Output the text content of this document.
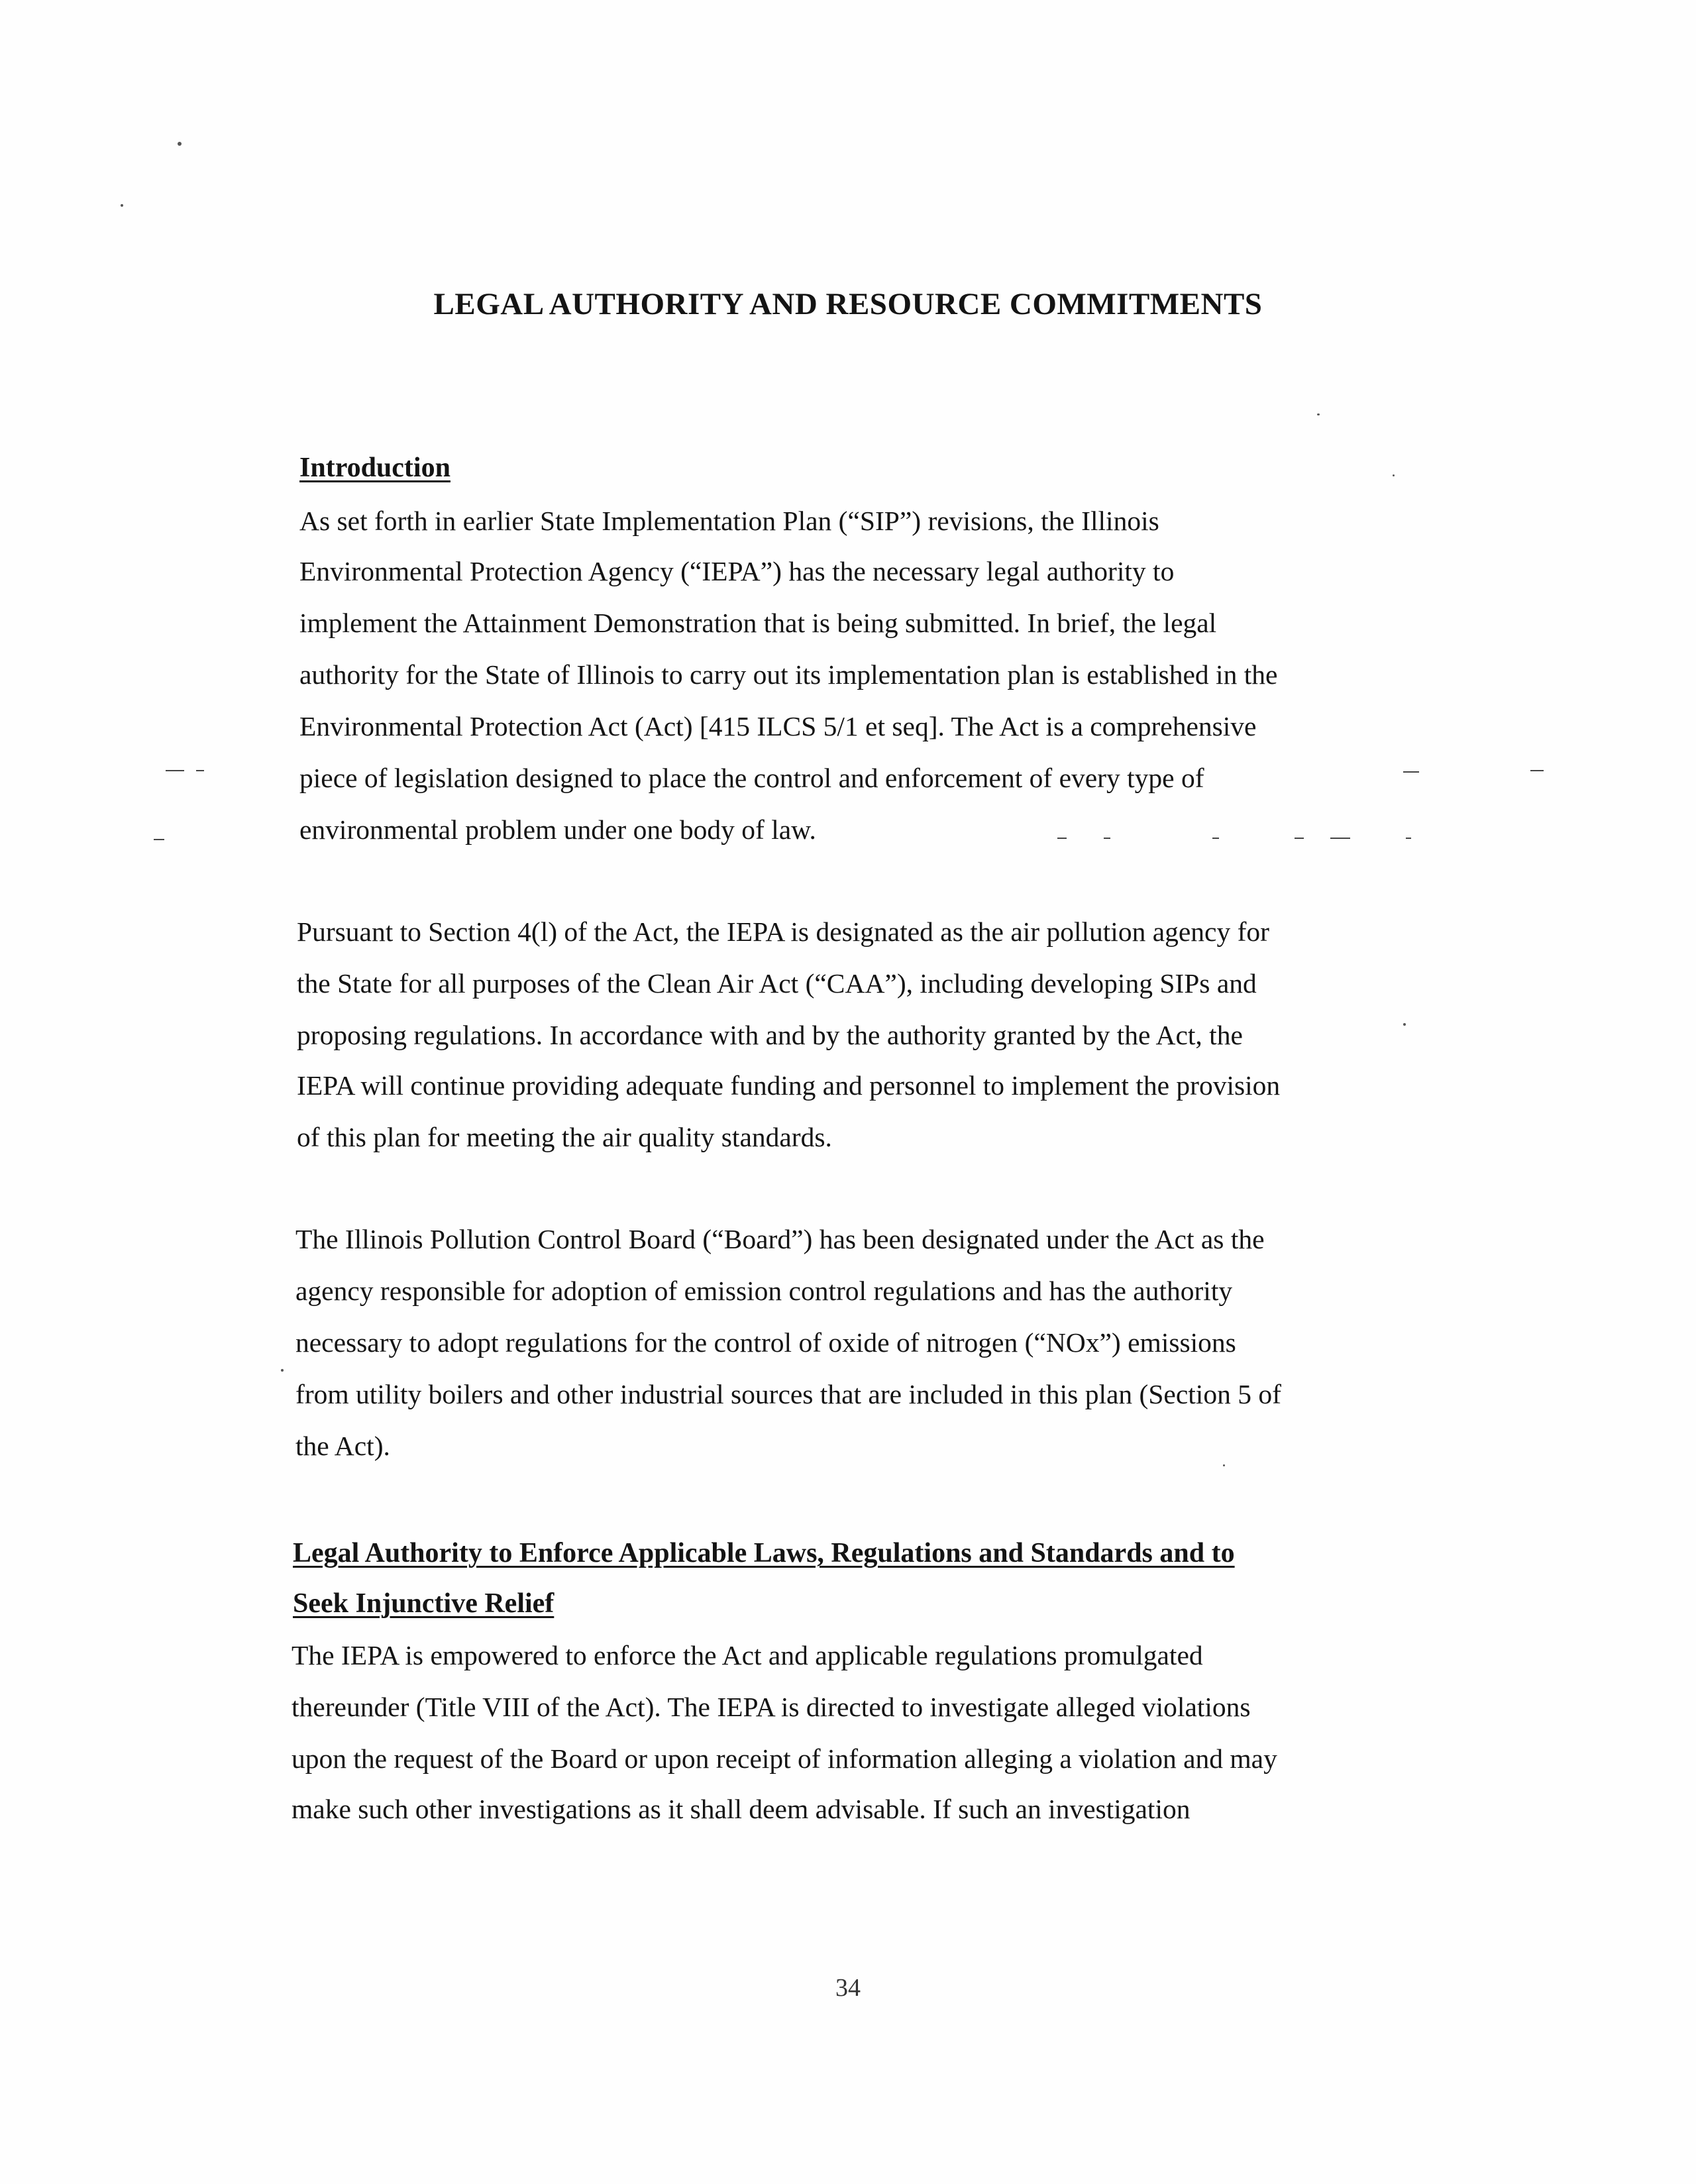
LEGAL AUTHORITY AND RESOURCE COMMITMENTS
Introduction

As set forth in earlier State Implementation Plan (“SIP”) revisions, the Illinois

Environmental Protection Agency (“IEPA”) has the necessary legal authority to

implement the Attainment Demonstration that is being submitted. In brief, the legal

authority for the State of Illinois to carry out its implementation plan is established in the

Environmental Protection Act (Act) [415 ILCS 5/1 et seq]. The Act is a comprehensive

piece of legislation designed to place the control and enforcement of every type of

environmental problem under one body of law.

Pursuant to Section 4(l) of the Act, the IEPA is designated as the air pollution agency for

the State for all purposes of the Clean Air Act (“CAA”), including developing SIPs and

proposing regulations. In accordance with and by the authority granted by the Act, the

IEPA will continue providing adequate funding and personnel to implement the provision

of this plan for meeting the air quality standards.

The Illinois Pollution Control Board (“Board”) has been designated under the Act as the

agency responsible for adoption of emission control regulations and has the authority

necessary to adopt regulations for the control of oxide of nitrogen (“NOx”) emissions

from utility boilers and other industrial sources that are included in this plan (Section 5 of

the Act).

Legal Authority to Enforce Applicable Laws, Regulations and Standards and to
Seek Injunctive Relief

The IEPA is empowered to enforce the Act and applicable regulations promulgated

thereunder (Title VIII of the Act). The IEPA is directed to investigate alleged violations

upon the request of the Board or upon receipt of information alleging a violation and may

make such other investigations as it shall deem advisable. If such an investigation

34
